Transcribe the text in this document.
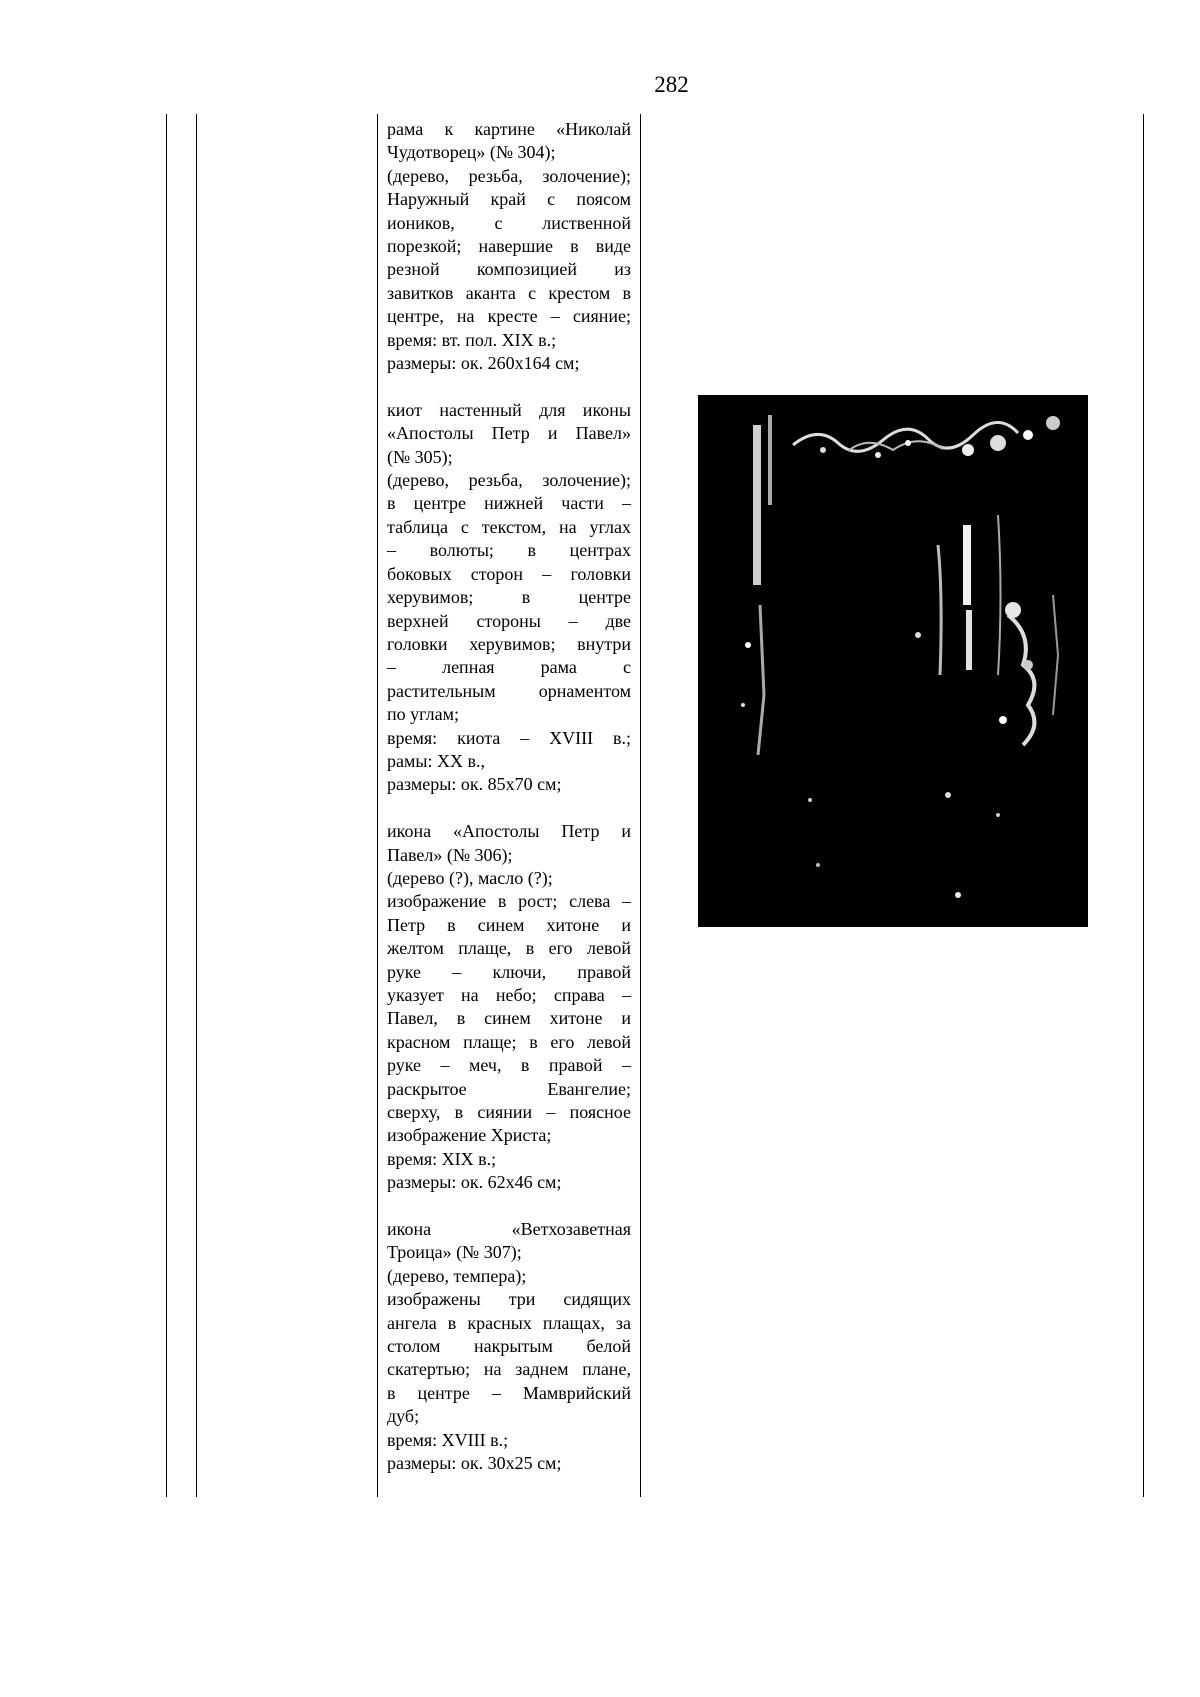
282
рама к картине «Николай
Чудотворец» (№ 304);
(дерево, резьба, золочение);
Наружный край с поясом
иоников, с лиственной
порезкой; навершие в виде
резной композицией из
завитков аканта с крестом в
центре, на кресте – сияние;
время: вт. пол. XIX в.;
размеры: ок. 260х164 см;
киот настенный для иконы
«Апостолы Петр и Павел»
(№ 305);
(дерево, резьба, золочение);
в центре нижней части –
таблица с текстом, на углах
– волюты; в центрах
боковых сторон – головки
херувимов; в центре
верхней стороны – две
головки херувимов; внутри
– лепная рама с
растительным орнаментом
по углам;
время: киота – XVIII в.;
рамы: XX в.,
размеры: ок. 85х70 см;
икона «Апостолы Петр и
Павел» (№ 306);
(дерево (?), масло (?);
изображение в рост; слева –
Петр в синем хитоне и
желтом плаще, в его левой
руке – ключи, правой
указует на небо; справа –
Павел, в синем хитоне и
красном плаще; в его левой
руке – меч, в правой –
раскрытое Евангелие;
сверху, в сиянии – поясное
изображение Христа;
время: XIX в.;
размеры: ок. 62х46 см;
икона «Ветхозаветная
Троица» (№ 307);
(дерево, темпера);
изображены три сидящих
ангела в красных плащах, за
столом накрытым белой
скатертью; на заднем плане,
в центре – Мамврийский
дуб;
время: XVIII в.;
размеры: ок. 30х25 см;
